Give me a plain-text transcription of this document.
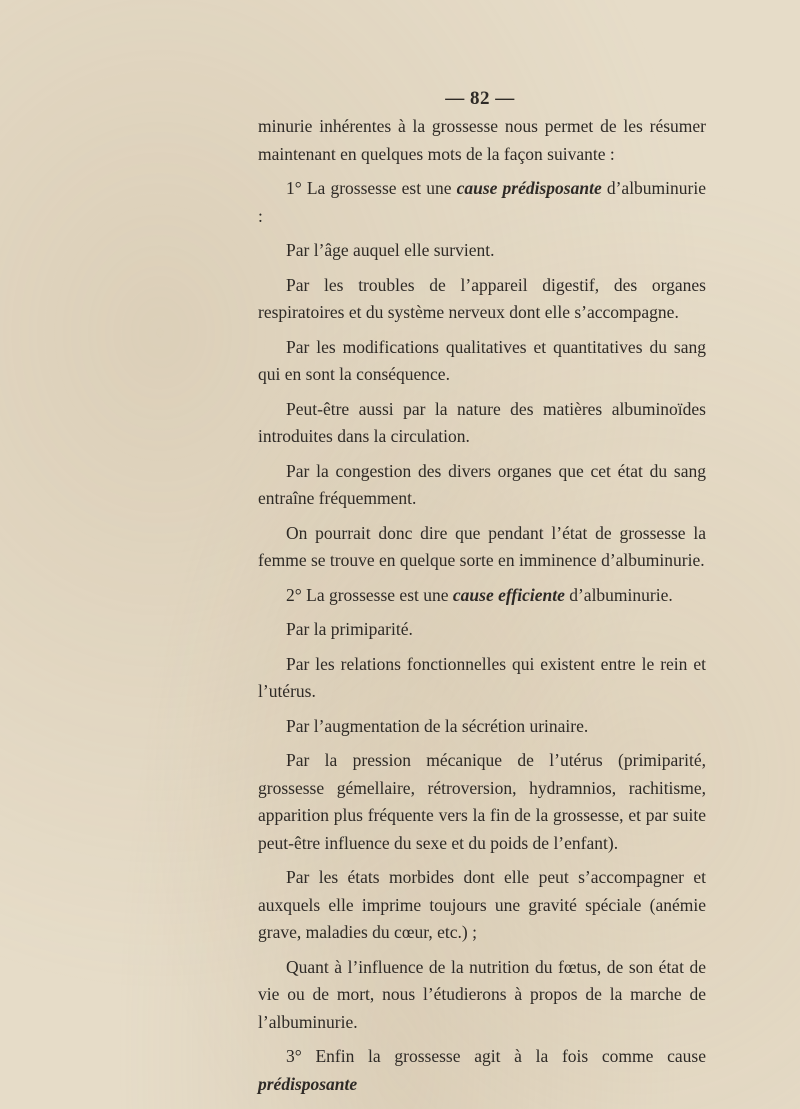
— 82 —

minurie inhérentes à la grossesse nous permet de les résumer maintenant en quelques mots de la façon suivante :

1° La grossesse est une cause prédisposante d’albuminurie :

Par l’âge auquel elle survient.

Par les troubles de l’appareil digestif, des organes respiratoires et du système nerveux dont elle s’accompagne.

Par les modifications qualitatives et quantitatives du sang qui en sont la conséquence.

Peut-être aussi par la nature des matières albuminoïdes introduites dans la circulation.

Par la congestion des divers organes que cet état du sang entraîne fréquemment.

On pourrait donc dire que pendant l’état de grossesse la femme se trouve en quelque sorte en imminence d’albuminurie.

2° La grossesse est une cause efficiente d’albuminurie.

Par la primiparité.

Par les relations fonctionnelles qui existent entre le rein et l’utérus.

Par l’augmentation de la sécrétion urinaire.

Par la pression mécanique de l’utérus (primiparité, grossesse gémellaire, rétroversion, hydramnios, rachitisme, apparition plus fréquente vers la fin de la grossesse, et par suite peut-être influence du sexe et du poids de l’enfant).

Par les états morbides dont elle peut s’accompagner et auxquels elle imprime toujours une gravité spéciale (anémie grave, maladies du cœur, etc.) ;

Quant à l’influence de la nutrition du fœtus, de son état de vie ou de mort, nous l’étudierons à propos de la marche de l’albuminurie.

3° Enfin la grossesse agit à la fois comme cause prédisposante
